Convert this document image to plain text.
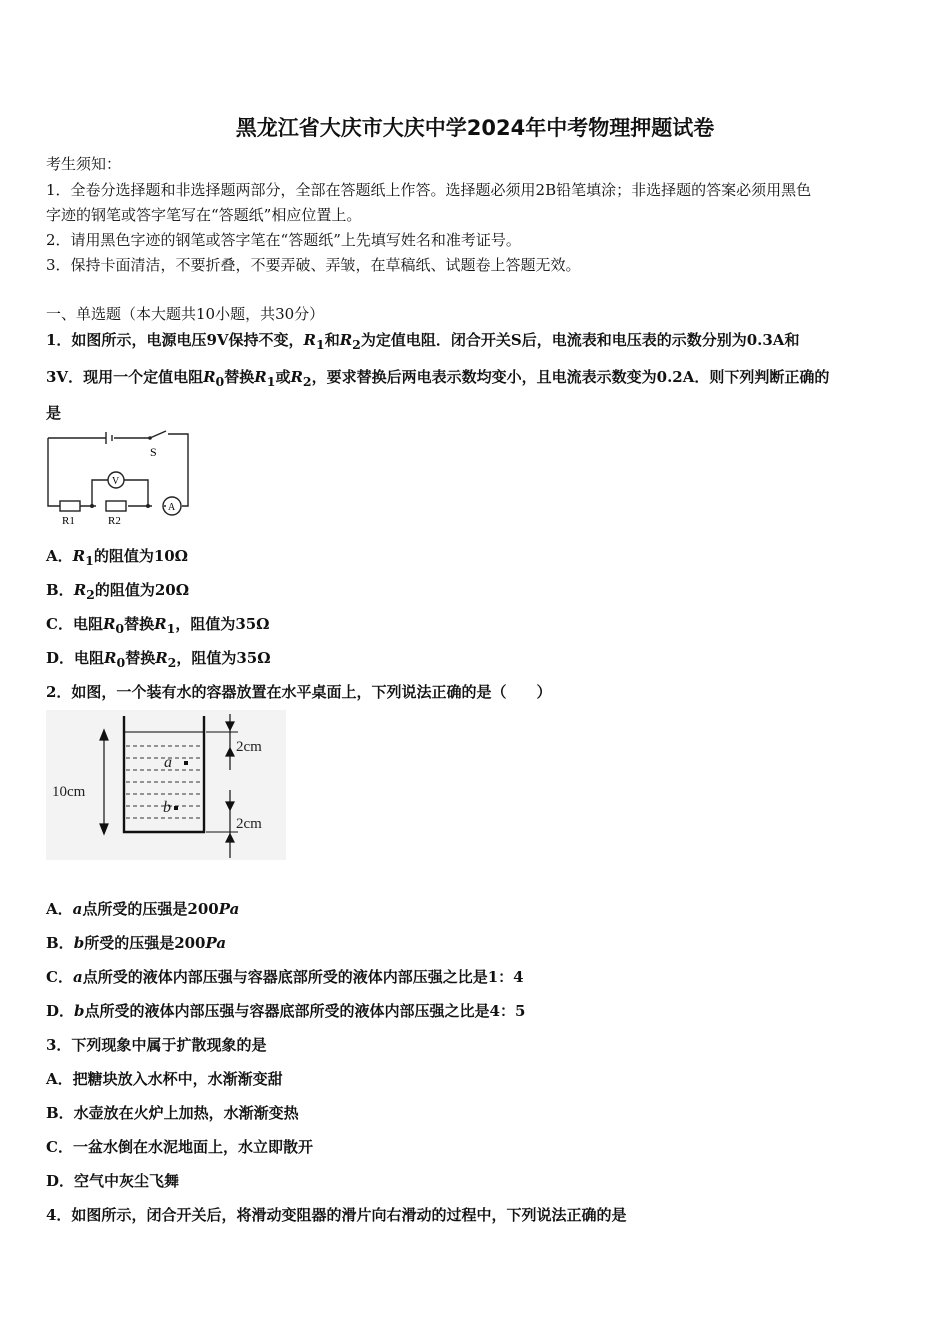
黑龙江省大庆市大庆中学2024年中考物理押题试卷
考生须知：
1．全卷分选择题和非选择题两部分，全部在答题纸上作答。选择题必须用2B铅笔填涂；非选择题的答案必须用黑色
字迹的钢笔或答字笔写在“答题纸”相应位置上。
2．请用黑色字迹的钢笔或答字笔在“答题纸”上先填写姓名和准考证号。
3．保持卡面清洁，不要折叠，不要弄破、弄皱，在草稿纸、试题卷上答题无效。
一、单选题（本大题共10小题，共30分）
1．如图所示，电源电压9V保持不变，$R_1$和$R_2$为定值电阻．闭合开关S后，电流表和电压表的示数分别为0.3A和
3V．现用一个定值电阻$R_0$替换$R_1$或$R_2$，要求替换后两电表示数均变小，且电流表示数变为0.2A．则下列判断正确的
是
S
V
A
R1	R2
A．$R_1$的阻值为10Ω
B．$R_2$的阻值为20Ω
C．电阻$R_0$替换$R_1$，阻值为35Ω
D．电阻$R_0$替换$R_2$，阻值为35Ω
2．如图，一个装有水的容器放置在水平桌面上，下列说法正确的是（　　）
10cm
2cm
2cm
a
b
A．a点所受的压强是200Pa
B．b所受的压强是200Pa
C．a点所受的液体内部压强与容器底部所受的液体内部压强之比是1：4
D．b点所受的液体内部压强与容器底部所受的液体内部压强之比是4：5
3．下列现象中属于扩散现象的是
A．把糖块放入水杯中，水渐渐变甜
B．水壶放在火炉上加热，水渐渐变热
C．一盆水倒在水泥地面上，水立即散开
D．空气中灰尘飞舞
4．如图所示，闭合开关后，将滑动变阻器的滑片向右滑动的过程中，下列说法正确的是
